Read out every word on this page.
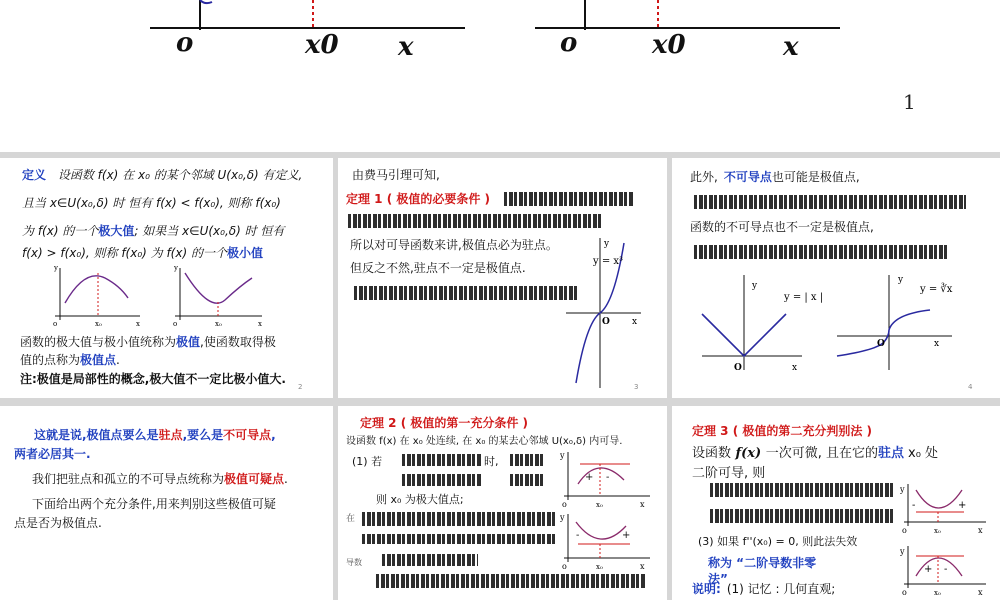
o	x0 x	o	x0	x
1
定义 设函数 f(x) 在 x₀ 的某个邻域 U(x₀,δ) 有定义,
且当 x∈U(x₀,δ) 时 恒有 f(x) < f(x₀), 则称 f(x₀)
为 f(x) 的一个极大值; 如果当 x∈U(x₀,δ) 时 恒有
f(x) > f(x₀), 则称 f(x₀) 为 f(x) 的一个极小值
o	x₀	x
y
o	x₀	x
y
函数的极大值与极小值统称为极值,使函数取得极
值的点称为极值点.
注:极值是局部性的概念,极大值不一定比极小值大.
2
由费马引理可知,
定理 1 ( 极值的必要条件 )
所以对可导函数来讲,极值点必为驻点。
但反之不然,驻点不一定是极值点.
y
y = x³
O x
3
此外, 不可导点也可能是极值点,
函数的不可导点也不一定是极值点,
y
y = | x |
O	x
y
y = ∛x
O	x
4
这就是说,极值点要么是驻点,要么是不可导点,
两者必居其一.
我们把驻点和孤立的不可导点统称为极值可疑点.
下面给出两个充分条件,用来判别这些极值可疑
点是否为极值点.
定理 2 ( 极值的第一充分条件 )
设函数 f(x) 在 x₀ 处连续, 在 x₀ 的某去心邻域 U(x₀,δ) 内可导.
(1) 若	时,
则 x₀ 为极大值点;
在
导数
+ -
y
o	x₀	x
-	+
y
o	x₀	x
定理 3 ( 极值的第二充分判别法 )
设函数 f(x) 一次可微, 且在它的驻点 x₀ 处
二阶可导, 则
(3) 如果 f''(x₀) = 0, 则此法失效
称为 “二阶导数非零
法”
说明: (1) 记忆 : 几何直观;
-	+
y
o	x₀	x
+ -
y
o	x₀	x
